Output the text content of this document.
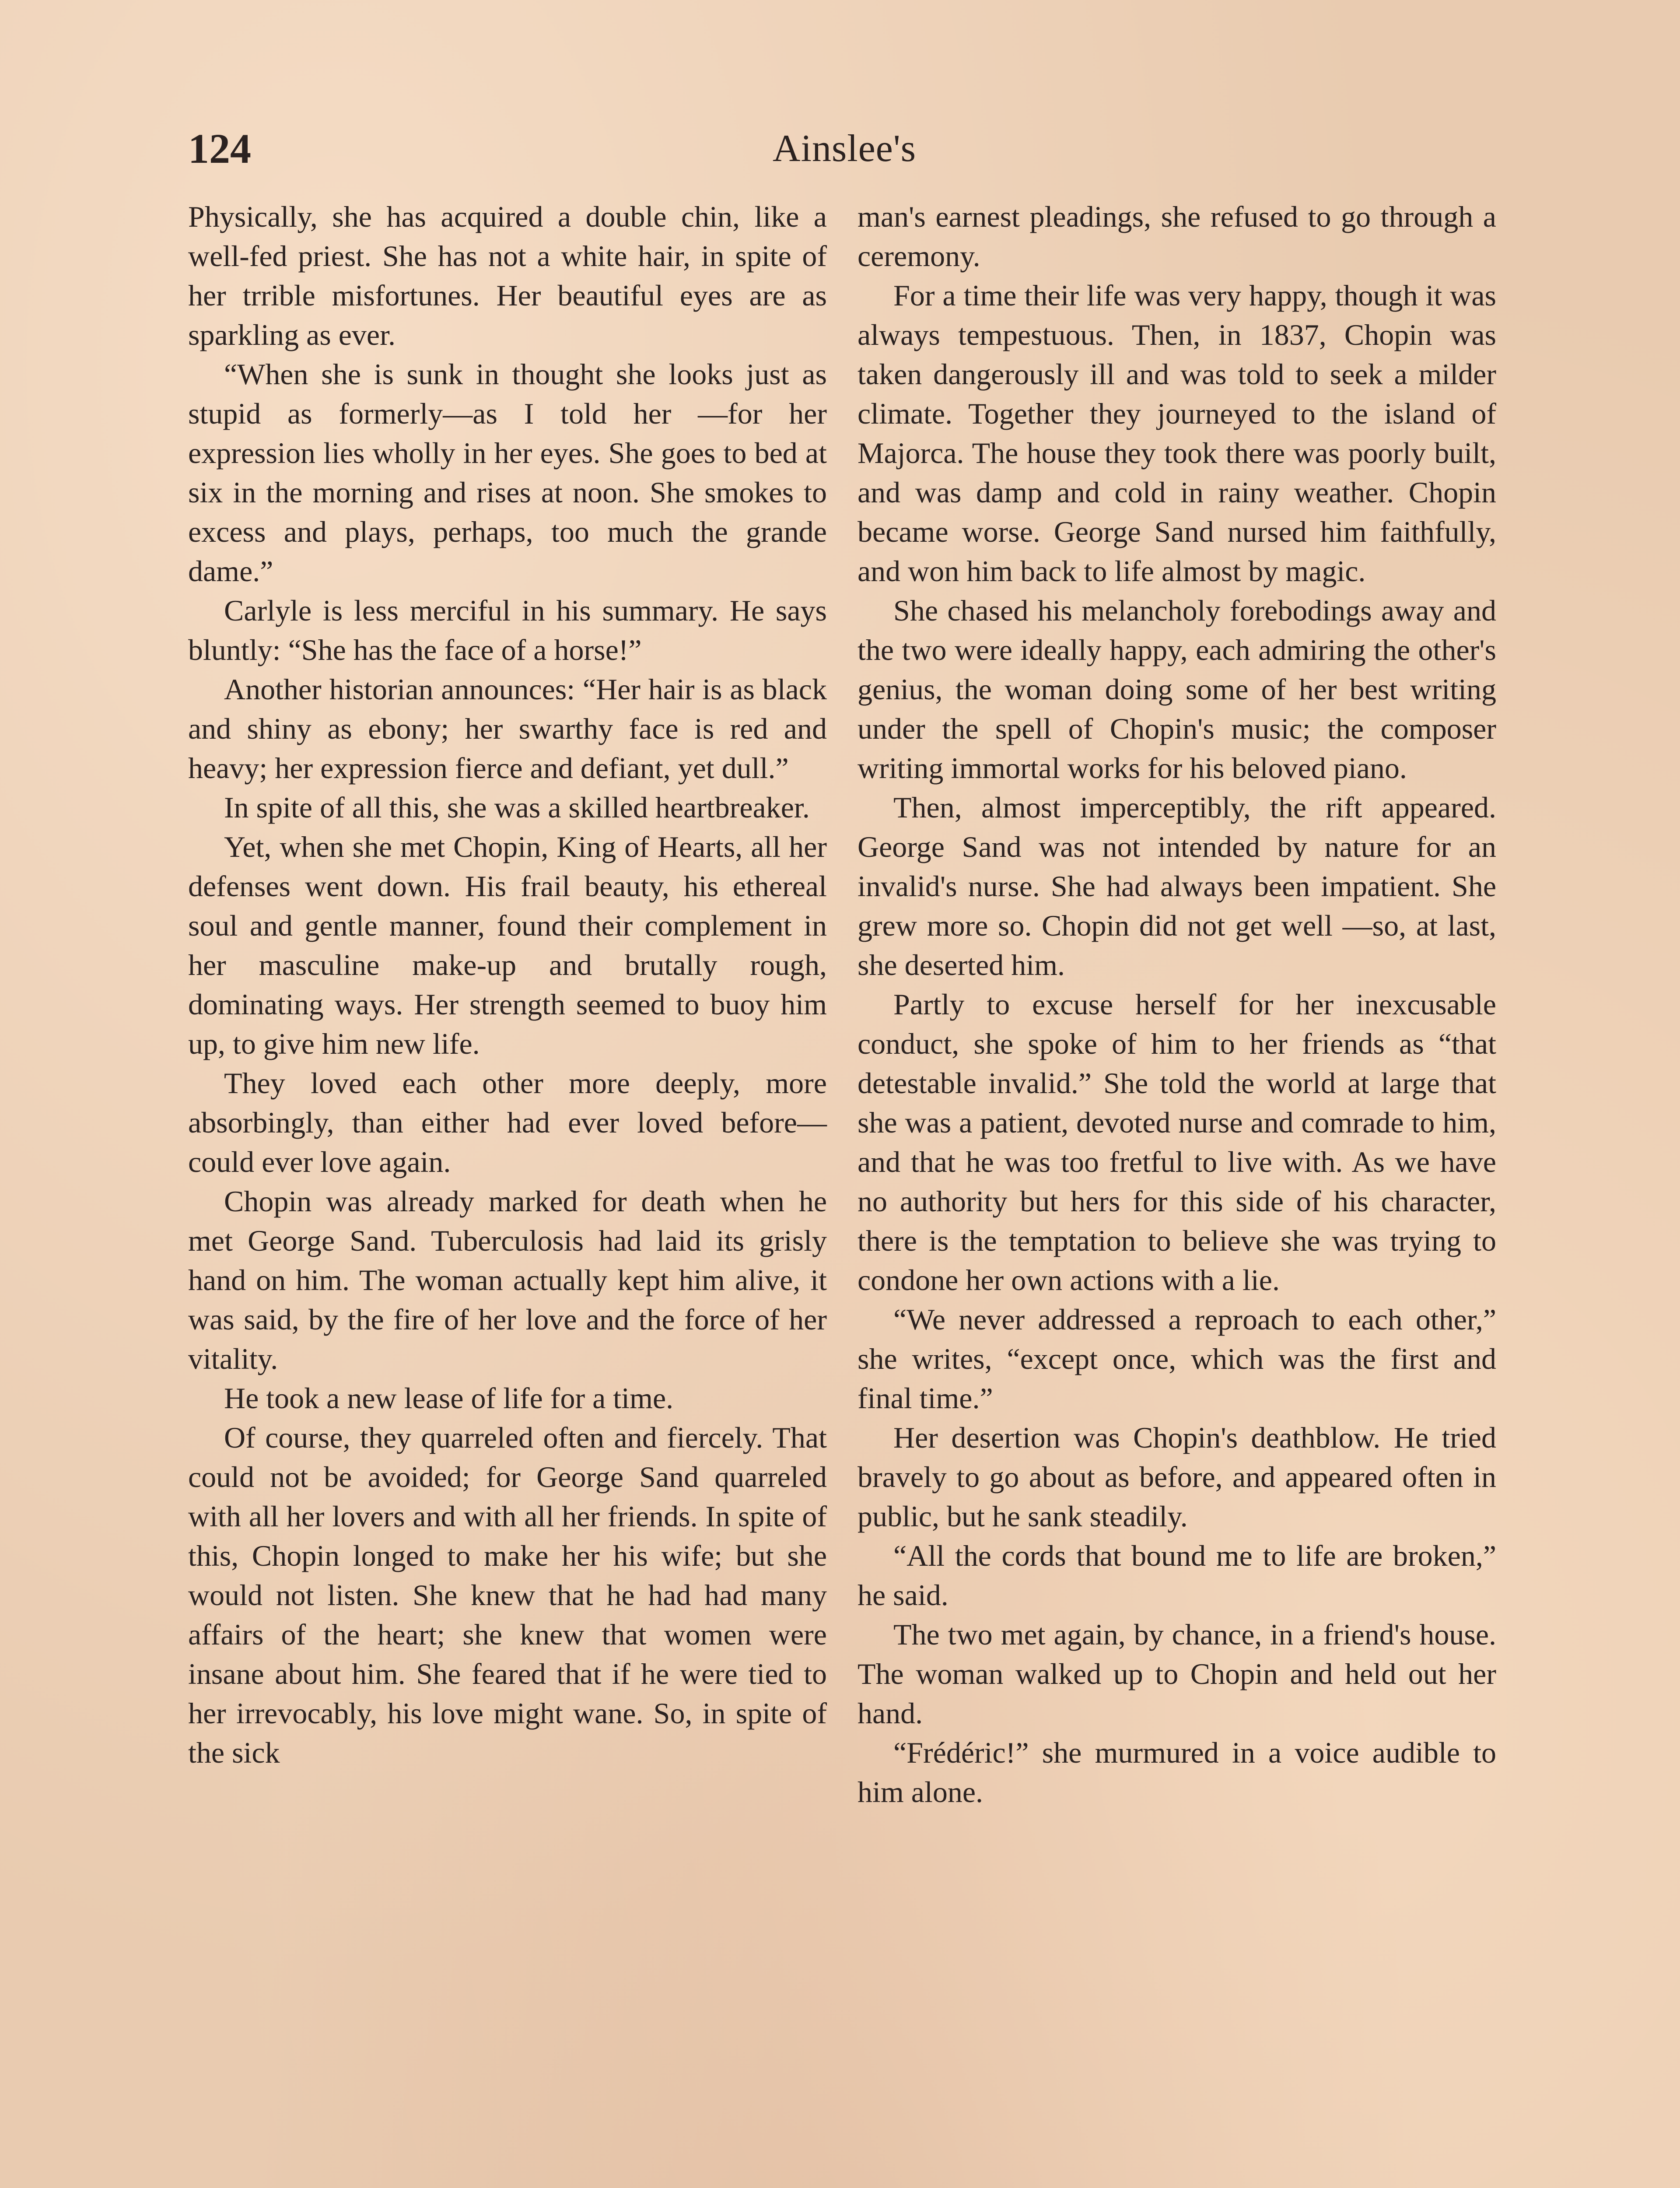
124	Ainslee's

Physically, she has acquired a double chin, like a well-fed priest. She has not a white hair, in spite of her trrible misfortunes. Her beautiful eyes are as sparkling as ever.

“When she is sunk in thought she looks just as stupid as formerly—as I told her —for her expression lies wholly in her eyes. She goes to bed at six in the morning and rises at noon. She smokes to excess and plays, perhaps, too much the grande dame.”

Carlyle is less merciful in his summary. He says bluntly: “She has the face of a horse!”

Another historian announces: “Her hair is as black and shiny as ebony; her swarthy face is red and heavy; her expression fierce and defiant, yet dull.”

In spite of all this, she was a skilled heartbreaker.

Yet, when she met Chopin, King of Hearts, all her defenses went down. His frail beauty, his ethereal soul and gentle manner, found their complement in her masculine make-up and brutally rough, dominating ways. Her strength seemed to buoy him up, to give him new life.

They loved each other more deeply, more absorbingly, than either had ever loved before—could ever love again.

Chopin was already marked for death when he met George Sand. Tuberculosis had laid its grisly hand on him. The woman actually kept him alive, it was said, by the fire of her love and the force of her vitality.

He took a new lease of life for a time.

Of course, they quarreled often and fiercely. That could not be avoided; for George Sand quarreled with all her lovers and with all her friends. In spite of this, Chopin longed to make her his wife; but she would not listen. She knew that he had had many affairs of the heart; she knew that women were insane about him. She feared that if he were tied to her irrevocably, his love might wane. So, in spite of the sick

man's earnest pleadings, she refused to go through a ceremony.

For a time their life was very happy, though it was always tempestuous. Then, in 1837, Chopin was taken dangerously ill and was told to seek a milder climate. Together they journeyed to the island of Majorca. The house they took there was poorly built, and was damp and cold in rainy weather. Chopin became worse. George Sand nursed him faithfully, and won him back to life almost by magic.

She chased his melancholy forebodings away and the two were ideally happy, each admiring the other's genius, the woman doing some of her best writing under the spell of Chopin's music; the composer writing immortal works for his beloved piano.

Then, almost imperceptibly, the rift appeared. George Sand was not intended by nature for an invalid's nurse. She had always been impatient. She grew more so. Chopin did not get well —so, at last, she deserted him.

Partly to excuse herself for her inexcusable conduct, she spoke of him to her friends as “that detestable invalid.” She told the world at large that she was a patient, devoted nurse and comrade to him, and that he was too fretful to live with. As we have no authority but hers for this side of his character, there is the temptation to believe she was trying to condone her own actions with a lie.

“We never addressed a reproach to each other,” she writes, “except once, which was the first and final time.”

Her desertion was Chopin's deathblow. He tried bravely to go about as before, and appeared often in public, but he sank steadily.

“All the cords that bound me to life are broken,” he said.

The two met again, by chance, in a friend's house. The woman walked up to Chopin and held out her hand.

“Frédéric!” she murmured in a voice audible to him alone.
